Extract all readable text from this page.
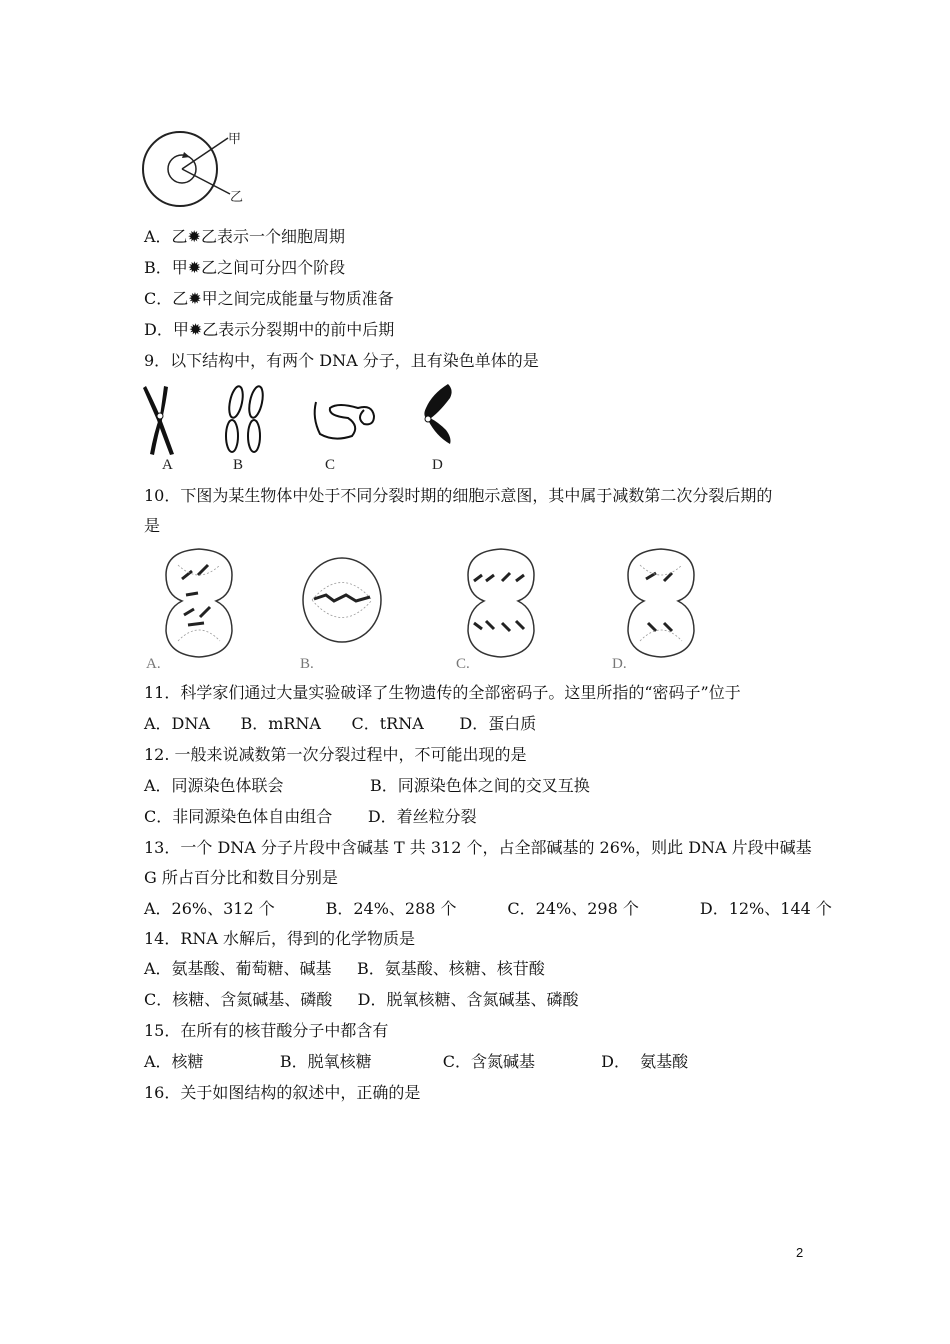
甲
乙
A．乙✹乙表示一个细胞周期
B．甲✹乙之间可分四个阶段
C．乙✹甲之间完成能量与物质准备
D．甲✹乙表示分裂期中的前中后期
9．以下结构中，有两个 DNA 分子，且有染色单体的是
A	B	C	D
10．下图为某生物体中处于不同分裂时期的细胞示意图，其中属于减数第二次分裂后期的
是
A.	B.	C.	D.
11．科学家们通过大量实验破译了生物遗传的全部密码子。这里所指的“密码子”位于
A．DNA      B．mRNA      C．tRNA       D．蛋白质
12. 一般来说减数第一次分裂过程中，不可能出现的是
A．同源染色体联会                 B．同源染色体之间的交叉互换
C．非同源染色体自由组合       D．着丝粒分裂
13．一个 DNA 分子片段中含碱基 T 共 312 个，占全部碱基的 26%，则此 DNA 片段中碱基
G 所占百分比和数目分别是
A．26%、312 个          B．24%、288 个          C．24%、298 个            D．12%、144 个
14．RNA 水解后，得到的化学物质是
A．氨基酸、葡萄糖、碱基     B．氨基酸、核糖、核苷酸
C．核糖、含氮碱基、磷酸     D．脱氧核糖、含氮碱基、磷酸
15．在所有的核苷酸分子中都含有
A．核糖               B．脱氧核糖              C．含氮碱基             D．  氨基酸
16．关于如图结构的叙述中，正确的是
2
